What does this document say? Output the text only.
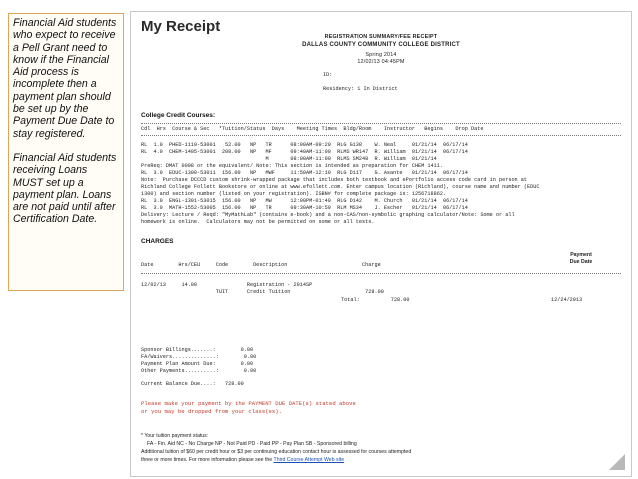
Financial Aid students who expect to receive a Pell Grant need to know if the Financial Aid process is incomplete then a payment plan should be set up by the Payment Due Date to stay registered.

Financial Aid students receiving Loans MUST set up a payment plan. Loans are not paid until after Certification Date.

My Receipt
REGISTRATION SUMMARY/FEE RECEIPT
DALLAS COUNTY COMMUNITY COLLEGE DISTRICT
Spring 2014
12/02/13 04:45PM
ID:
Residency: 1 In District
College Credit Courses:
Cdl  Hrs  Course & Sec   *Tuition/Status  Days    Meeting Times  Bldg/Room    Instructor   Begins    Drop Date
RL  1.0  PHED-1119-53001   52.00   NP   TR      08:00AM-09:20  RLG G138    W. Neal     01/21/14  06/17/14
RL  4.0  CHEM-1405-53001  208.00   NP   MF      09:40AM-11:00  RLMS WR147  R. William  01/21/14  06/17/14
M       08:00AM-11:00  RLMS SM248  R. William  01/21/14
PreReq: DMAT 0098 or the equivalent/ Note: This section is intended as preparation for CHEM 1411.
RL  3.0  EDUC-1300-53011  156.00   NP   MWF     11:50AM-12:10  RLG D117    G. Asante   01/21/14  06/17/14
Note:  Purchase DCCCD custom shrink-wrapped package that includes both textbook and ePortfolio access code card in person at
Richland College Follett Bookstore or online at www.efollett.com. Enter campus location (Richland), course name and number (EDUC
1300) and section number (listed on your registration). ISBN# for complete package is: 1256718862.
RL  3.0  ENGL-1301-53015  156.00   NP   MW      12:00PM-01:40  RLG D142    M. Church   01/21/14  06/17/14
RL  3.0  MATH-1552-53005  156.00   NP   TR      09:30AM-10:50  RLM MS34    J. Escher   01/21/14  06/17/14
Delivery: Lecture / Reqd: "MyMathLab" (contains e-book) and a non-CAS/non-symbolic graphing calculator/Note: Some or all
homework is online.  Calculators may not be permitted on some or all tests.
CHARGES
Payment
Due Date
Date        Hrs/CEU     Code        Description                        Charge
12/02/13     14.00                Registration - 2014SP
TUIT      Credit Tuition                        728.00
Total:          728.00	12/24/2013
Sponsor Billings.......:        0.00
FA/Waivers..............:        0.00
Payment Plan Amount Due:        0.00
Other Payments..........:        0.00
Current Balance Due....:   728.00
Please make your payment by the PAYMENT DUE DATE(s) stated above
or you may be dropped from your class(es).
* Your tuition payment status:
FA - Fin. Aid NC - No Charge NP - Not Paid PD - Paid PP - Pay Plan SB - Sponsored billing
Additional tuition of $60 per credit hour or $3 per continuing education contact hour is assessed for courses attempted
three or more times. For more information please see the Third Course Attempt Web site
